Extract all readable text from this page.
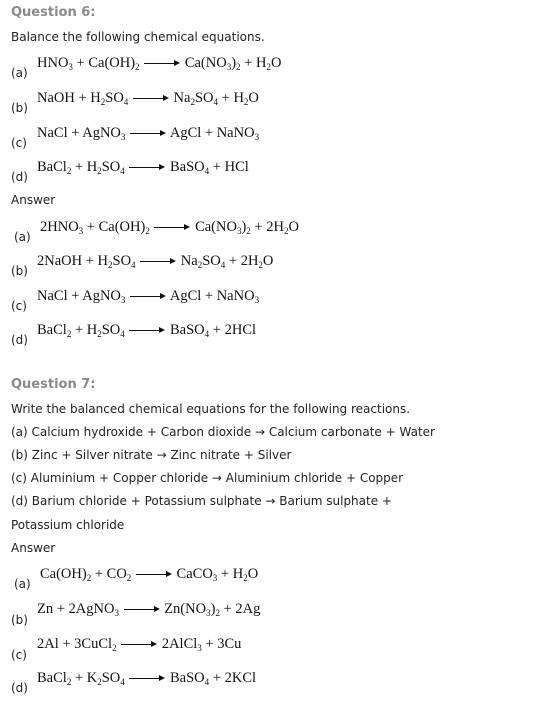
Question 6:
Balance the following chemical equations.
(a)
$HNO_3 + Ca(OH)_2$	$Ca(NO_3)_2 + H_2O$
(b)
NaOH + $H_2SO_4$	$Na_2SO_4 + H_2O$
(c)
NaCl + AgNO$_3$	AgCl + NaNO$_3$
(d)
BaCl$_2$ + $H_2SO_4$	BaSO$_4$ + HCl
Answer
(a)
$2HNO_3 + Ca(OH)_2$	$Ca(NO_3)_2 + 2H_2O$
(b)
2NaOH + $H_2SO_4$	$Na_2SO_4 + 2H_2O$
(c)
NaCl + AgNO$_3$	AgCl + NaNO$_3$
(d)
BaCl$_2$ + $H_2SO_4$	BaSO$_4$ + 2HCl
Question 7:
Write the balanced chemical equations for the following reactions.
(a) Calcium hydroxide + Carbon dioxide → Calcium carbonate + Water
(b) Zinc + Silver nitrate → Zinc nitrate + Silver
(c) Aluminium + Copper chloride → Aluminium chloride + Copper
(d) Barium chloride + Potassium sulphate → Barium sulphate +
Potassium chloride
Answer
(a)
$Ca(OH)_2 + CO_2$	CaCO$_3$ + $H_2O$
(b)
Zn + 2AgNO$_3$	$Zn(NO_3)_2 + 2Ag$
(c)
2Al + 3CuCl$_2$	2AlCl$_3$ + 3Cu
(d)
BaCl$_2$ + $K_2SO_4$	BaSO$_4$ + 2KCl
